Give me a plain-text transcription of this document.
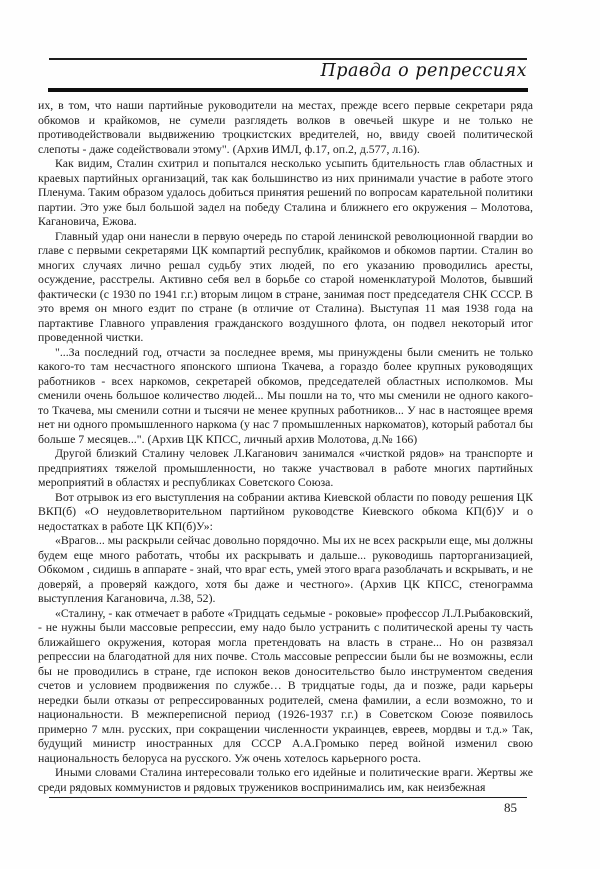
Правда о репрессиях

их, в том, что наши партийные руководители на местах, прежде всего первые секретари ряда обкомов и крайкомов, не сумели разглядеть волков в овечьей шкуре и не только не противодействовали выдвижению троцкистских вредителей, но, ввиду своей политической слепоты - даже содействовали этому". (Архив ИМЛ, ф.17, оп.2, д.577, л.16).

Как видим, Сталин схитрил и попытался несколько усыпить бдительность глав областных и краевых партийных организаций, так как большинство из них принимали участие в работе этого Пленума. Таким образом удалось добиться принятия решений по вопросам карательной политики партии. Это уже был большой задел на победу Сталина и ближнего его окружения – Молотова, Кагановича, Ежова.

Главный удар они нанесли в первую очередь по старой ленинской революционной гвардии во главе с первыми секретарями ЦК компартий республик, крайкомов и обкомов партии. Сталин во многих случаях лично решал судьбу этих людей, по его указанию проводились аресты, осуждение, расстрелы. Активно себя вел в борьбе со старой номенклатурой Молотов, бывший фактически (с 1930 по 1941 г.г.) вторым лицом в стране, занимая пост председателя СНК СССР. В это время он много ездит по стране (в отличие от Сталина). Выступая 11 мая 1938 года на партактиве Главного управления гражданского воздушного флота, он подвел некоторый итог проведенной чистки.

"...За последний год, отчасти за последнее время, мы принуждены были сменить не только какого-то там несчастного японского шпиона Ткачева, а гораздо более крупных руководящих работников - всех наркомов, секретарей обкомов, председателей областных исполкомов. Мы сменили очень большое количество людей... Мы пошли на то, что мы сменили не одного какого-то Ткачева, мы сменили сотни и тысячи не менее крупных работников... У нас в настоящее время нет ни одного промышленного наркома (у нас 7 промышленных наркоматов), который работал бы больше 7 месяцев...". (Архив ЦК КПСС, личный архив Молотова, д.№ 166)

Другой близкий Сталину человек Л.Каганович занимался «чисткой рядов» на транспорте и предприятиях тяжелой промышленности, но также участвовал в работе многих партийных мероприятий в областях и республиках Советского Союза.

Вот отрывок из его выступления на собрании актива Киевской области по поводу решения ЦК ВКП(б) «О неудовлетворительном партийном руководстве Киевского обкома КП(б)У и о недостатках в работе ЦК КП(б)У»:

«Врагов... мы раскрыли сейчас довольно порядочно. Мы их не всех раскрыли еще, мы должны будем еще много работать, чтобы их раскрывать и дальше... руководишь парторганизацией, Обкомом , сидишь в аппарате - знай, что враг есть, умей этого врага разоблачать и вскрывать, и не доверяй, а проверяй каждого, хотя бы даже и честного». (Архив ЦК КПСС, стенограмма выступления Кагановича, л.38, 52).

«Сталину, - как отмечает в работе «Тридцать седьмые - роковые» профессор Л.Л.Рыбаковский, - не нужны были массовые репрессии, ему надо было устранить с политической арены ту часть ближайшего окружения, которая могла претендовать на власть в стране... Но он развязал репрессии на благодатной для них почве. Столь массовые репрессии были бы не возможны, если бы не проводились в стране, где испокон веков доносительство было инструментом сведения счетов и условием продвижения по службе… В тридцатые годы, да и позже, ради карьеры нередки были отказы от репрессированных родителей, смена фамилии, а если возможно, то и национальности. В межпереписной период (1926-1937 г.г.) в Советском Союзе появилось примерно 7 млн. русских, при сокращении численности украинцев, евреев, мордвы и т.д.» Так, будущий министр иностранных для СССР А.А.Громыко перед войной изменил свою национальность белоруса на русского. Уж очень хотелось карьерного роста.

Иными словами Сталина интересовали только его идейные и политические враги. Жертвы же среди рядовых коммунистов и рядовых тружеников воспринимались им, как неизбежная

85
